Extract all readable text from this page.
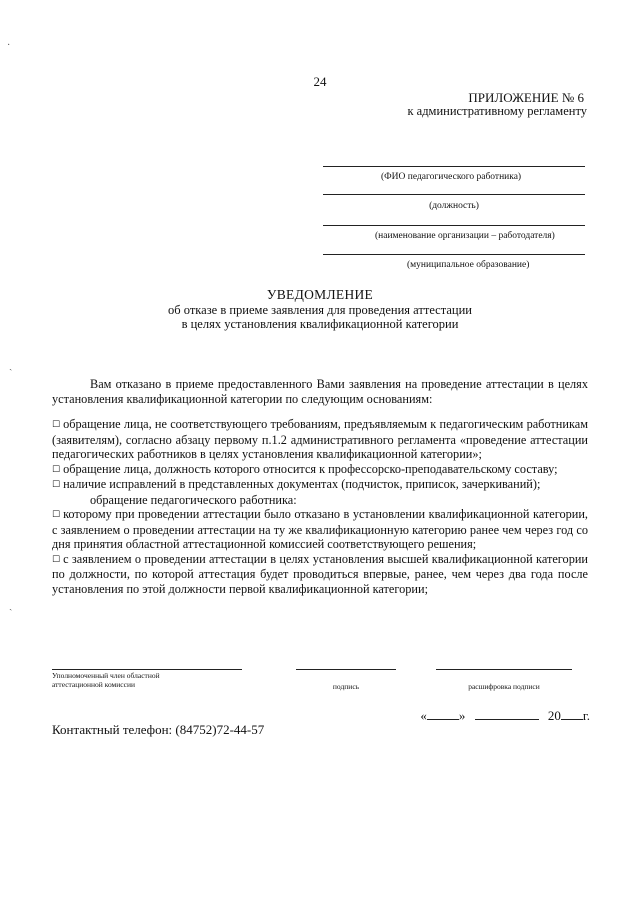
·
ˎ
ˎ
24
ПРИЛОЖЕНИЕ № 6
к административному регламенту
(ФИО педагогического работника)
(должность)
(наименование организации – работодателя)
(муниципальное образование)
УВЕДОМЛЕНИЕ
об отказе в приеме заявления для проведения аттестации
в целях установления квалификационной категории

Вам отказано в приеме предоставленного Вами заявления на проведение аттестации в целях установления квалификационной категории по следующим основаниям:

☐ обращение лица, не соответствующего требованиям, предъявляемым к педагогическим работникам (заявителям), согласно абзацу первому п.1.2 административного регламента «проведение аттестации педагогических работников в целях установления квалификационной категории»;

☐ обращение лица, должность которого относится к профессорско-преподавательскому составу;

☐ наличие исправлений в представленных документах (подчисток, приписок, зачеркиваний);

обращение педагогического работника:

☐ которому при проведении аттестации было отказано в установлении квалификационной категории, с заявлением о проведении аттестации на ту же квалификационную категорию ранее чем через год со дня принятия областной аттестационной комиссией соответствующего решения;

☐ с заявлением о проведении аттестации в целях установления высшей квалификационной категории по должности, по которой аттестация будет проводиться впервые, ранее, чем через два года после установления по этой должности первой квалификационной категории;

Уполномоченный член областной
аттестационной комиссии	подпись	расшифровка подписи
« »	20 г.
Контактный телефон: (84752)72-44-57
